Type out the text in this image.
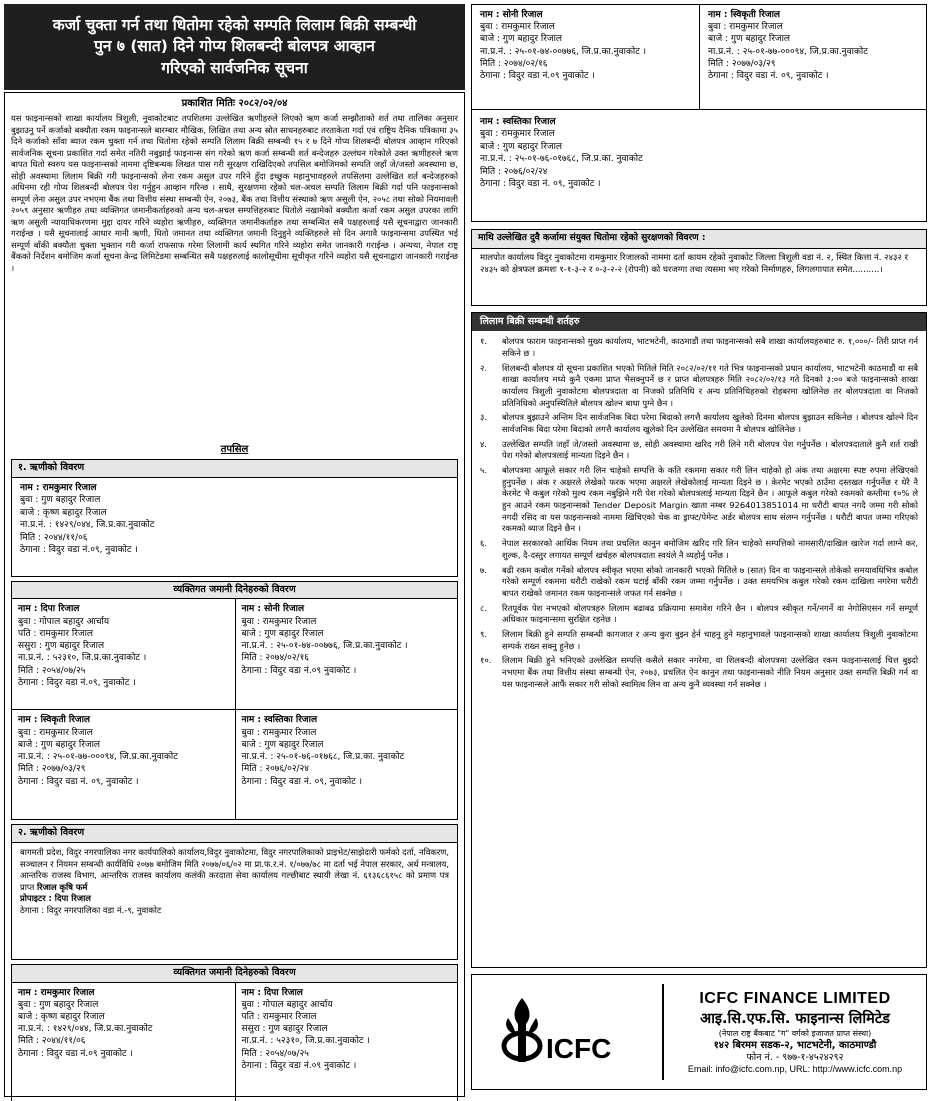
कर्जा चुक्ता गर्न तथा धितोमा रहेको सम्पति लिलाम बिक्री सम्बन्धी
पुन ७ (सात) दिने गोप्य शिलबन्दी बोलपत्र आव्हान
गरिएको सार्वजनिक सूचना
प्रकाशित मितिः २०८२/०२/०४
यस फाइनान्सको शाखा कार्यालय त्रिशुली, नुवाकोटबाट तपशिलमा उल्लेखित ऋणीहरुले लिएको ऋण कर्जा सम्झौताको शर्त तथा तालिका अनुसार बुझाउनु पर्ने कर्जाको बक्यौता रकम फाइनान्सले बारम्बार मौखिक, लिखित तथा अन्य स्रोत साधनहरुबाट तरताकेता गर्दा एवं राष्ट्रिय दैनिक पत्रिकामा ३५ दिने कर्जाको साँवा ब्याज रकम चुक्ता गर्न तथा धितोमा रहेको सम्पति लिलाम बिक्री सम्बन्धी १५ र ७ दिने गोप्य शिलबन्दी बोलपत्र आव्हान गरिएको सार्वजनिक सूचना प्रकाशित गर्दा समेत नतिरी नबुझाई फाइनान्स संग गरेको ऋण कर्जा सम्बन्धी शर्त बन्देजहरु उल्लंघन गरेकोले उक्त ऋणीहरुले ऋण बापत धितो स्वरुप यस फाइनान्सको नाममा दृष्टिबन्धक लिखत पास गरी सुरक्षण राखिदिएको तपसिल बमोजिमको सम्पति जहाँ जे/जस्तो अवस्थामा छ, सोही अवस्थामा लिलाम बिक्री गरी फाइनान्सको लेना रकम असुल उपर गरिने हुँदा इच्छुक महानुभावहरुले तपसिलमा उल्लेखित शर्त बन्देजहरुको अधिनमा रही गोप्य शिलबन्दी बोलपत्र पेश गर्नुहुन आव्हान गरिन्छ । साथै, सुरक्षणमा रहेको चल-अचल सम्पति लिलाम बिक्री गर्दा पनि फाइनान्सको सम्पूर्ण लेना असुल उपर नभएमा बैंक तथा वित्तीय संस्था सम्बन्धी ऐन, २०७३, बैंक तथा वित्तीय संस्थाको ऋण असुली ऐन, २०५८ तथा सोको नियमावली २०५९ अनुसार ऋणीहरु तथा व्यक्तिगत जमानीकर्ताहरुको अन्य चल-अचल सम्पत्तिहरुबाट धितोले नखामेको बक्यौता कर्जा रकम असुल उपरका लागि ऋण असुली न्यायाधिकरणमा मुद्दा दायर गरिने व्यहोरा ऋणीहरु, व्यक्तिगत जमानीकर्ताहरु तथा सम्बन्धित सबै पक्षहरुलाई यसै सूचनाद्वारा जानकारी गराईन्छ । यसै सूचनालाई आधार मानी ऋणी, धितो जमानत तथा व्यक्तिगत जमानी दिनुहुने व्यक्तिहरुले सो दिन अगावै फाइनान्समा उपस्थित भई सम्पूर्ण बाँकी बक्यौता चुक्ता भुक्तान गरी कर्जा राफसाफ गरेमा लिलामी कार्य स्थगित गरिने व्यहोरा समेत जानकारी गराईन्छ । अन्यथा, नेपाल राष्ट्र बैंकको निर्देशन बमोजिम कर्जा सूचना केन्द्र लिमिटेडमा सम्बन्धित सबै पक्षहरुलाई कालोसूचीमा सूचीकृत गरिने व्यहोरा यसै सूचनाद्वारा जानकारी गराईन्छ ।
तपसिल
१. ऋणीको विवरण
नाम : रामकुमार रिजाल
बुवा : गुण बहादुर रिजाल
बाजे : कृष्ण बहादुर रिजाल
ना.प्र.नं. : १४२९/०४४, जि.प्र.का.नुवाकोट
मिति : २०४४/११/०६
ठेगाना : विदुर वडा नं.०९, नुवाकोट ।
व्यक्तिगत जमानी दिनेहरुको विवरण
नाम : दिपा रिजाल
बुवा : गोपाल बहादुर आर्चाय
पति : रामकुमार रिजाल
ससुरा : गुण बहादुर रिजाल
ना.प्र.नं. : ५२३१०, जि.प्र.का.नुवाकोट ।
मिति : २०५४/०७/२५
ठेगाना : विदुर वडा नं.०९, नुवाकोट ।
नाम : सोनी रिजाल
बुवा : रामकुमार रिजाल
बाजे : गुण बहादुर रिजाल
ना.प्र.नं. : २५-०१-७४-००७७६, जि.प्र.का.नुवाकोट ।
मिति : २०७४/०२/१६
ठेगाना : विदुर वडा नं.०९ नुवाकोट ।
नाम : स्विकृती रिजाल
बुवा : रामकुमार रिजाल
बाजे : गुण बहादुर रिजाल
ना.प्र.नं. : २५-०१-७७-०००९४, जि.प्र.का.नुवाकोट
मिति : २०७७/०३/२९
ठेगाना : विदुर वडा नं. ०९, नुवाकोट ।
नाम : स्वस्तिका रिजाल
बुवा : रामकुमार रिजाल
बाजे : गुण बहादुर रिजाल
ना.प्र.नं. : २५-०१-७६-०१७६८, जि.प्र.का. नुवाकोट
मिति : २०७६/०२/२४
ठेगाना : विदुर वडा नं. ०९, नुवाकोट ।
२. ऋणीको विवरण
बागमती प्रदेश, विदुर नगरपालिका नगर कार्यपालिको कार्यालय,विदुर नुवाकोटमा, विदुर नगरपालिकाको प्राइभेट/साझेदारी फर्मको दर्ता, नविकरण, सञ्चालन र नियमन सम्बन्धी कार्यविधि २०७७ बमोजिम मिति २०७७/०६/०२ मा प्रा.फ.र.नं. १/०७७/७८ मा दर्ता भई नेपाल सरकार, अर्थ मन्त्रालय, आन्तरिक राजस्व विभाग, आन्तरिक राजस्व कार्यालय कलंकी करदाता सेवा कार्यालय गल्छीबाट स्थायी लेखा नं. ६१३६८६१५८ को प्रमाण पत्र प्राप्त रिजाल कृषि फर्म
प्रोपाइटर : दिपा रिजाल
ठेगाना : विदुर नगरपालिका वडा नं.-९, नुवाकोट
व्यक्तिगत जमानी दिनेहरुको विवरण
नाम : रामकुमार रिजाल
बुवा : गुण बहादुर रिजाल
बाजे : कृष्ण बहादुर रिजाल
ना.प्र.नं. : १४२९/०४४, जि.प्र.का.नुवाकोट
मिति : २०४४/११/०६
ठेगाना : विदुर वडा नं.०९ नुवाकोट ।
नाम : दिपा रिजाल
बुवा : गोपाल बहादुर आर्चाय
पति : रामकुमार रिजाल
ससुरा : गुण बहादुर रिजाल
ना.प्र.नं. : ५२३१०, जि.प्र.का.नुवाकोट ।
मिति : २०५४/०७/२५
ठेगाना : विदुर वडा नं.०९ नुवाकोट ।
नाम : सोनी रिजाल
बुवा : रामकुमार रिजाल
बाजे : गुण बहादुर रिजाल
ना.प्र.नं. : २५-०१-७४-००७७६, जि.प्र.का.नुवाकोट ।
मिति : २०७४/०२/१६
ठेगाना : विदुर वडा नं.०९ नुवाकोट ।
नाम : स्विकृती रिजाल
बुवा : रामकुमार रिजाल
बाजे : गुण बहादुर रिजाल
ना.प्र.नं. : २५-०१-७७-०००९४, जि.प्र.का.नुवाकोट
मिति : २०७७/०३/२९
ठेगाना : विदुर वडा नं. ०९, नुवाकोट ।
नाम : स्वस्तिका रिजाल
बुवा : रामकुमार रिजाल
बाजे : गुण बहादुर रिजाल
ना.प्र.नं. : २५-०१-७६-०१७६८, जि.प्र.का. नुवाकोट
मिति : २०७६/०२/२४
ठेगाना : विदुर वडा नं. ०९, नुवाकोट ।
माथि उल्लेखित दुवै कर्जामा संयुक्त धितोमा रहेको सुरक्षणको विवरण :
मालपोत कार्यालय विदुर नुवाकोटमा रामकुमार रिजालको नाममा दर्ता कायम रहेको नुवाकोट जिल्ला त्रिशुली वडा नं. २, स्थित कित्ता नं. २४३२ र २४३५ को क्षेत्रफल क्रमशः १-१-३-२ र ०-३-२-२ (रोपनी) को घरजग्गा तथा त्यसमा भए गरेको निर्माणहरु, लिगलगापात समेत..........।
लिलाम बिक्री सम्बन्धी शर्तहरु
१.	बोलपत्र फाराम फाइनान्सको मुख्य कार्यालय, भाटभटेनी, काठमाडौं तथा फाइनान्सको सबै शाखा कार्यालयहरुबाट रु. १,०००/- तिरी प्राप्त गर्न सकिने छ ।
२.	शिलबन्दी बोलपत्र यो सूचना प्रकाशित भएको मितिले मिति २०८२/०२/११ गते भित्र फाइनान्सको प्रधान कार्यालय, भाटभटेनी काठमाडौं वा सबै शाखा कार्यालय मध्ये कुनै एकमा प्राप्त भैसक्नुपर्ने छ र प्राप्त बोलपत्रहरु मिति २०८२/०२/१३ गते दिनको ३:०० बजे फाइनान्सको शाखा कार्यालय त्रिशुली नुवाकोटमा बोलपत्रदाता वा निजको प्रतिनिधि र अन्य प्रतिनिधिहरुको रोहबरमा खोलिनेछ तर बोलपत्रदाता वा निजको प्रतिनिधिको अनुपस्थितिले बोलपत्र खोल्न बाधा पुग्ने छैन ।
३.	बोलपत्र बुझाउने अन्तिम दिन सार्वजनिक बिदा परेमा बिदाको लगत्तै कार्यालय खुलेको दिनमा बोलपत्र बुझाउन सकिनेछ । बोलपत्र खोल्ने दिन सार्वजनिक बिदा परेमा बिदाको लगत्तै कार्यालय खुलेको दिन उल्लेखित समयमा नै बोलपत्र खोलिनेछ ।
४.	उल्लेखित सम्पति जहाँ जे/जस्तो अवस्थामा छ, सोही अवस्थामा खरिद गरी लिने गरी बोलपत्र पेश गर्नुपर्नेछ । बोलपत्रदाताले कुनै शर्त राखी पेश गरेको बोलपत्रलाई मान्यता दिइने छैन ।
५.	बोलपत्रमा आफूले सकार गरी लिन चाहेको सम्पत्ति के कति रकममा सकार गरी लिन चाहेको हो अंक तथा अक्षरमा स्पष्ट रुपमा लेखिएको हुनुपर्नेछ । अंक र अक्षरले लेखेको फरक भएमा अक्षरले लेखेकोलाई मान्यता दिइने छ । केरमेट भएको ठाउँमा दस्तखत गर्नुपर्नेछ र धेरै नै केरमेट भै कबुल गरेको मुल्य रकम नबुझिने गरी पेश गरेको बोलपत्रलाई मान्यता दिइने छैन । आफूले कबुल गरेको रकमको कम्तीमा १०% ले हुन आउने रकम फाइनान्सको Tender Deposit Margin खाता नम्बर 9264013851014 मा धरौटी बापत नगदै जम्मा गरी सोको नगदी रसिद वा यस फाइनान्सको नाममा खिचिएको चेक वा ड्राफ्ट/पेमेन्ट अर्डर बोलपत्र साथ संलग्न गर्नुपर्नेछ । धरौटी बापत जम्मा गरिएको रकमको ब्याज दिइने छैन ।
६.	नेपाल सरकारको आर्थिक नियम तथा प्रचलित कानुन बमोजिम खरिद गरि लिन चाहेको सम्पत्तिको नामसारी/दाखिल खारेज गर्दा लाग्ने कर, शुल्क, दै-दस्तुर लगायत सम्पूर्ण खर्चहरु बोलपत्रदाता स्वयंले नै व्यहोर्नु पर्नेछ ।
७.	बढी रकम कबोल गर्नेको बोलपत्र स्वीकृत भएमा सोको जानकारी भएको मितिले ७ (सात) दिन वा फाइनान्सले तोकेको समयावधिभित्र कबोल गरेको सम्पूर्ण रकममा धरौटी राखेको रकम घटाई बाँकी रकम जम्मा गर्नुपर्नेछ । उक्त समयभित्र कबुल गरेको रकम दाखिला नगरेमा धरौटी बापत राखेको जमानत रकम फाइनान्सले जफत गर्न सक्नेछ ।
८.	रितपूर्वक पेश नभएको बोलपत्रहरु लिलाम बढाबढ प्रक्रियामा समावेश गरिने छैन । बोलपत्र स्वीकृत गर्ने/नगर्ने वा नेगोसिएसन गर्ने सम्पूर्ण अधिकार फाइनान्समा सुरक्षित रहनेछ ।
९.	लिलाम बिक्री हुने सम्पति सम्बन्धी कागजात र अन्य कुरा बुझ्न हेर्न चाहनु हुने महानुभावले फाइनान्सको शाखा कार्यालय त्रिशुली नुवाकोटमा सम्पर्क राख्न सक्नु हुनेछ ।
१०.	लिलाम बिक्री हुने भनिएको उल्लेखित सम्पत्ति कसैले सकार नगरेमा, वा शिलबन्दी बोलपत्रमा उल्लेखित रकम फाइनान्सलाई चित्त बुझ्दो नभएमा बैंक तथा वित्तीय संस्था सम्बन्धी ऐन, २०७३, प्रचलित ऐन कानुन तथा फाइनान्सको नीति नियम अनुसार उक्त सम्पत्ति बिक्री गर्न वा यस फाइनान्सले आफैं सकार गरी सोको स्वामित्व लिन वा अन्य कुनै व्यवस्था गर्न सक्नेछ ।
ICFC
ICFC FINANCE LIMITED
आइ.सि.एफ.सि. फाइनान्स लिमिटेड
(नेपाल राष्ट्र बैंकबाट "ग" वर्गको इजाजत प्राप्त संस्था)
१४२ बिरमम सडक-२, भाटभटेनी, काठमाण्डौ
फोन नं. - ९७७-१-४५२४२९२
Email: info@icfc.com.np, URL: http://www.icfc.com.np
